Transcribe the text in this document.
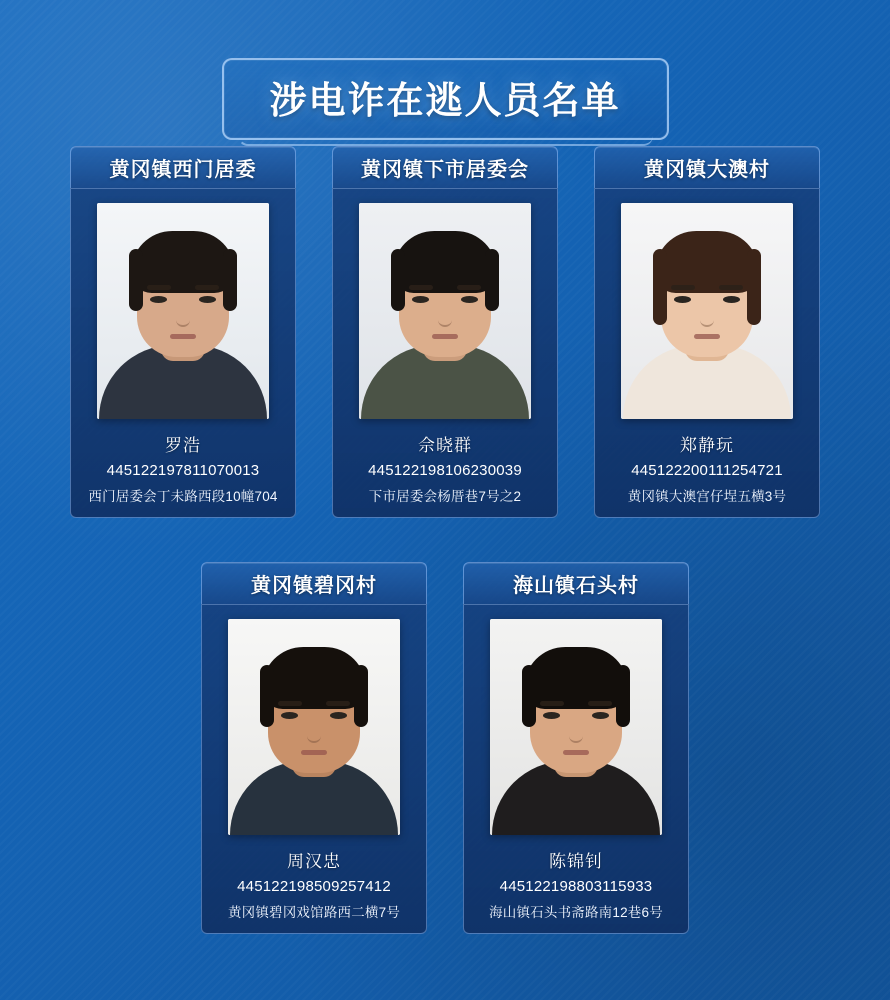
涉电诈在逃人员名单
黄冈镇西门居委
罗浩
445122197811070013
西门居委会丁未路西段10幢704
黄冈镇下市居委会
佘晓群
445122198106230039
下市居委会杨厝巷7号之2
黄冈镇大澳村
郑静玩
445122200111254721
黄冈镇大澳宫仔埕五横3号
黄冈镇碧冈村
周汉忠
445122198509257412
黄冈镇碧冈戏馆路西二横7号
海山镇石头村
陈锦钊
445122198803115933
海山镇石头书斋路南12巷6号
